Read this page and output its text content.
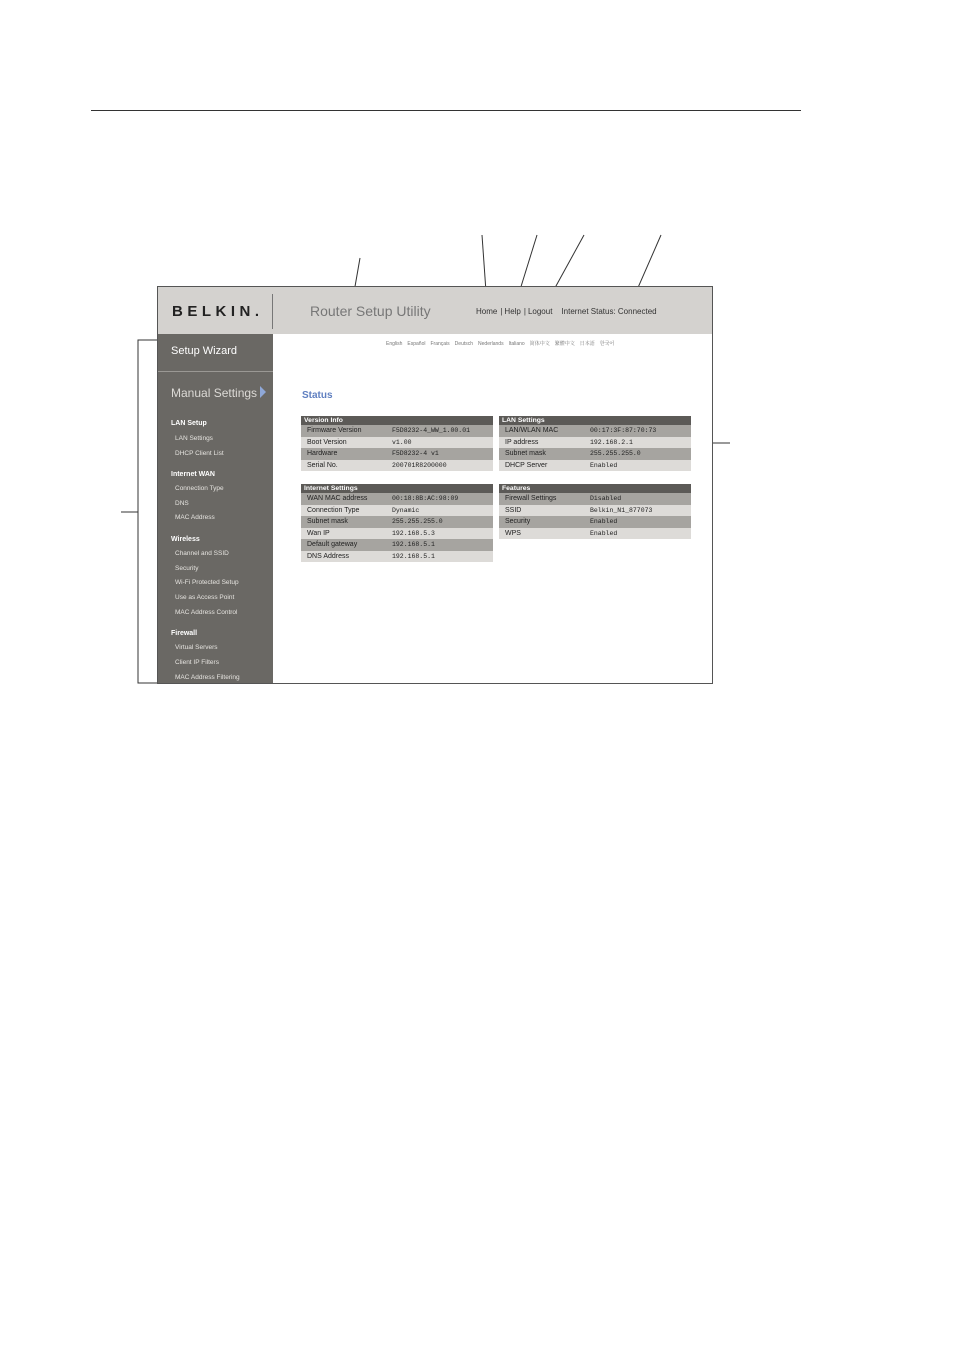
BELKIN.	Router Setup Utility	Home | Help | Logout Internet Status: Connected
Setup Wizard
Manual Settings
LAN Setup
LAN Settings
DHCP Client List
Internet WAN
Connection Type
DNS
MAC Address
Wireless
Channel and SSID
Security
Wi-Fi Protected Setup
Use as Access Point
MAC Address Control
Firewall
Virtual Servers
Client IP Filters
MAC Address Filtering
English Español Français Deutsch Nederlands Italiano 简体中文 繁體中文 日本語 한국어
Status
Version Info
Firmware Version	F5D8232-4_WW_1.00.01
Boot Version	v1.00
Hardware	F5D8232-4 v1
Serial No.	200701R8200000
LAN Settings
LAN/WLAN MAC	00:17:3F:87:70:73
IP address	192.168.2.1
Subnet mask	255.255.255.0
DHCP Server	Enabled
Internet Settings
WAN MAC address	00:18:8B:AC:98:09
Connection Type	Dynamic
Subnet mask	255.255.255.0
Wan IP	192.168.5.3
Default gateway	192.168.5.1
DNS Address	192.168.5.1
Features
Firewall Settings	Disabled
SSID	Belkin_N1_877073
Security	Enabled
WPS	Enabled
